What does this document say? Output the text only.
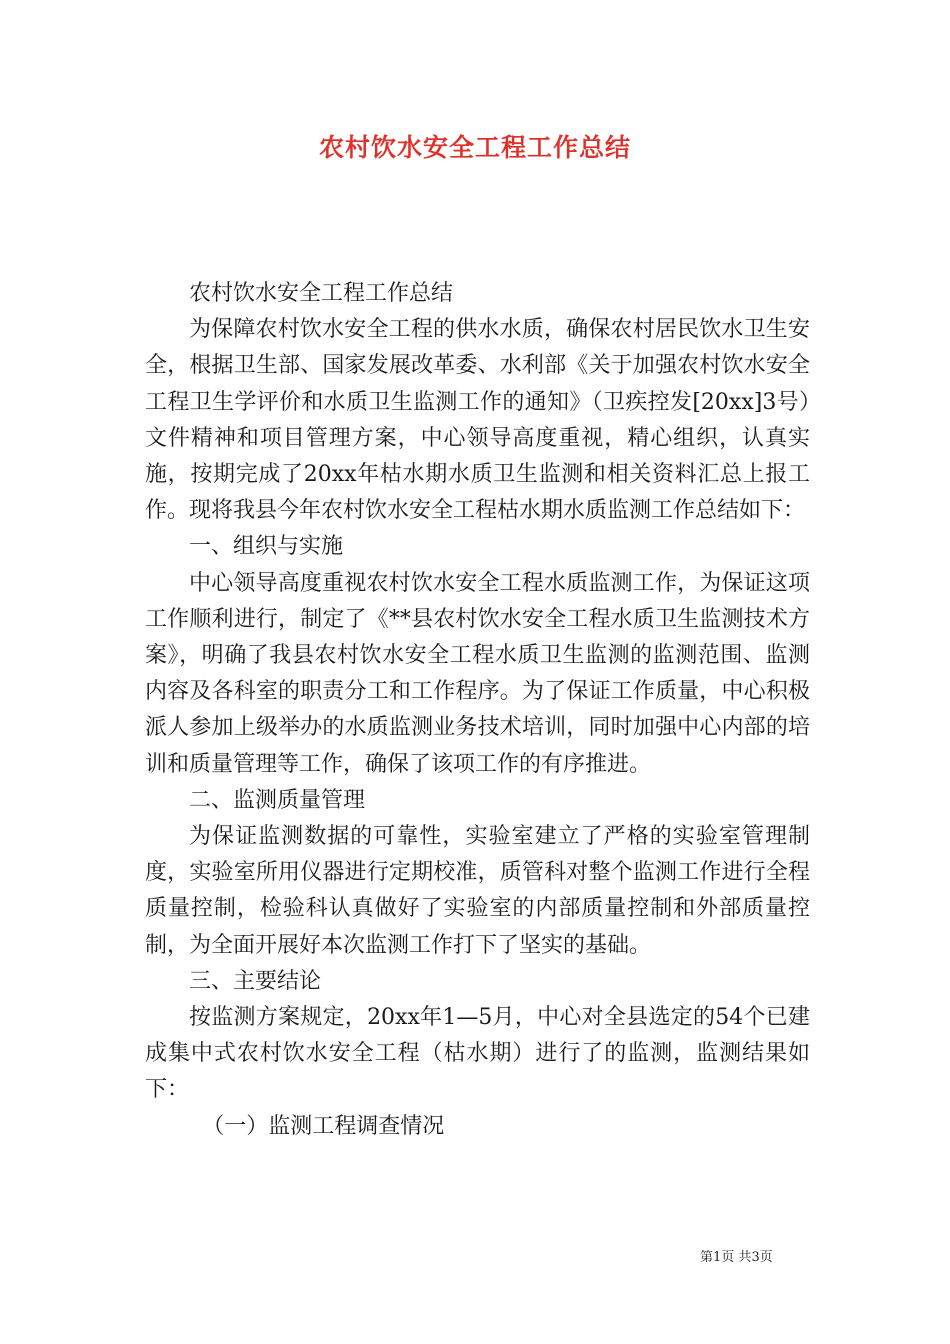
农村饮水安全工程工作总结

农村饮水安全工程工作总结

为保障农村饮水安全工程的供水水质，确保农村居民饮水卫生安全，根据卫生部、国家发展改革委、水利部《关于加强农村饮水安全工程卫生学评价和水质卫生监测工作的通知》（卫疾控发[20xx]3号）文件精神和项目管理方案，中心领导高度重视，精心组织，认真实施，按期完成了20xx年枯水期水质卫生监测和相关资料汇总上报工作。现将我县今年农村饮水安全工程枯水期水质监测工作总结如下：

一、组织与实施

中心领导高度重视农村饮水安全工程水质监测工作，为保证这项工作顺利进行，制定了《**县农村饮水安全工程水质卫生监测技术方案》，明确了我县农村饮水安全工程水质卫生监测的监测范围、监测内容及各科室的职责分工和工作程序。为了保证工作质量，中心积极派人参加上级举办的水质监测业务技术培训，同时加强中心内部的培训和质量管理等工作，确保了该项工作的有序推进。

二、监测质量管理

为保证监测数据的可靠性，实验室建立了严格的实验室管理制度，实验室所用仪器进行定期校准，质管科对整个监测工作进行全程质量控制，检验科认真做好了实验室的内部质量控制和外部质量控制，为全面开展好本次监测工作打下了坚实的基础。

三、主要结论

按监测方案规定，20xx年1—5月，中心对全县选定的54个已建成集中式农村饮水安全工程（枯水期）进行了的监测，监测结果如下：

（一）监测工程调查情况

第1页 共3页
